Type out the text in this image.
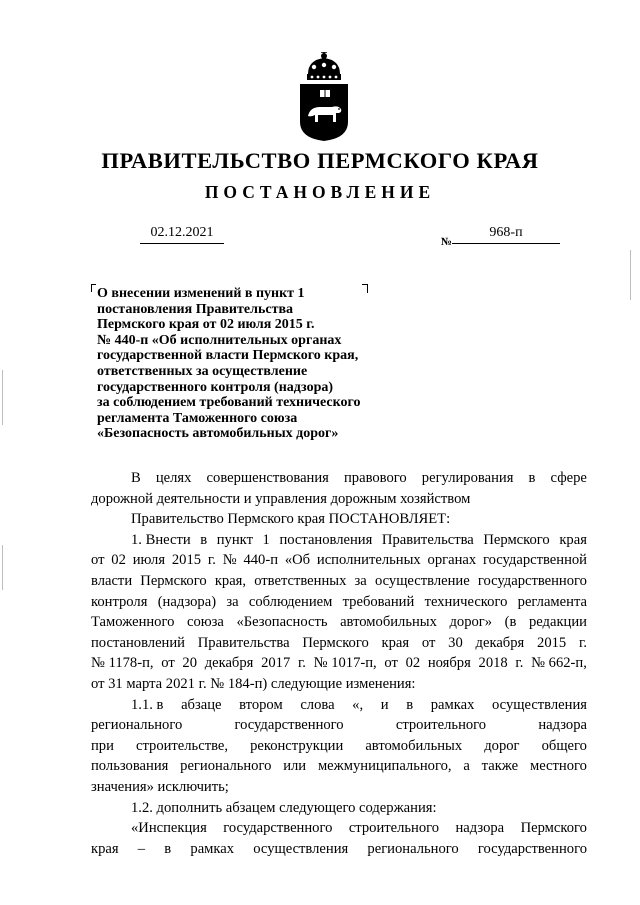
ПРАВИТЕЛЬСТВО ПЕРМСКОГО КРАЯ
ПОСТАНОВЛЕНИЕ
02.12.2021
№
968-п
О внесении изменений в пункт 1
постановления Правительства
Пермского края от 02 июля 2015 г.
№ 440-п «Об исполнительных органах
государственной власти Пермского края,
ответственных за осуществление
государственного контроля (надзора)
за соблюдением требований технического
регламента Таможенного союза
«Безопасность автомобильных дорог»

В целях совершенствования правового регулирования в сфере
дорожной деятельности и управления дорожным хозяйством

Правительство Пермского края ПОСТАНОВЛЯЕТ:

1. Внести в пункт 1 постановления Правительства Пермского края
от 02 июля 2015 г. № 440-п «Об исполнительных органах государственной
власти Пермского края, ответственных за осуществление государственного
контроля (надзора) за соблюдением требований технического регламента
Таможенного союза «Безопасность автомобильных дорог» (в редакции
постановлений Правительства Пермского края от 30 декабря 2015 г.
№ 1178-п, от 20 декабря 2017 г. № 1017-п, от 02 ноября 2018 г. № 662-п,
от 31 марта 2021 г. № 184-п) следующие изменения:

1.1. в абзаце втором слова «, и в рамках осуществления
регионального	государственного	строительного	надзора
при строительстве, реконструкции автомобильных дорог общего
пользования регионального или межмуниципального, а также местного
значения» исключить;

1.2. дополнить абзацем следующего содержания:

«Инспекция государственного строительного надзора Пермского
края – в рамках осуществления регионального государственного
